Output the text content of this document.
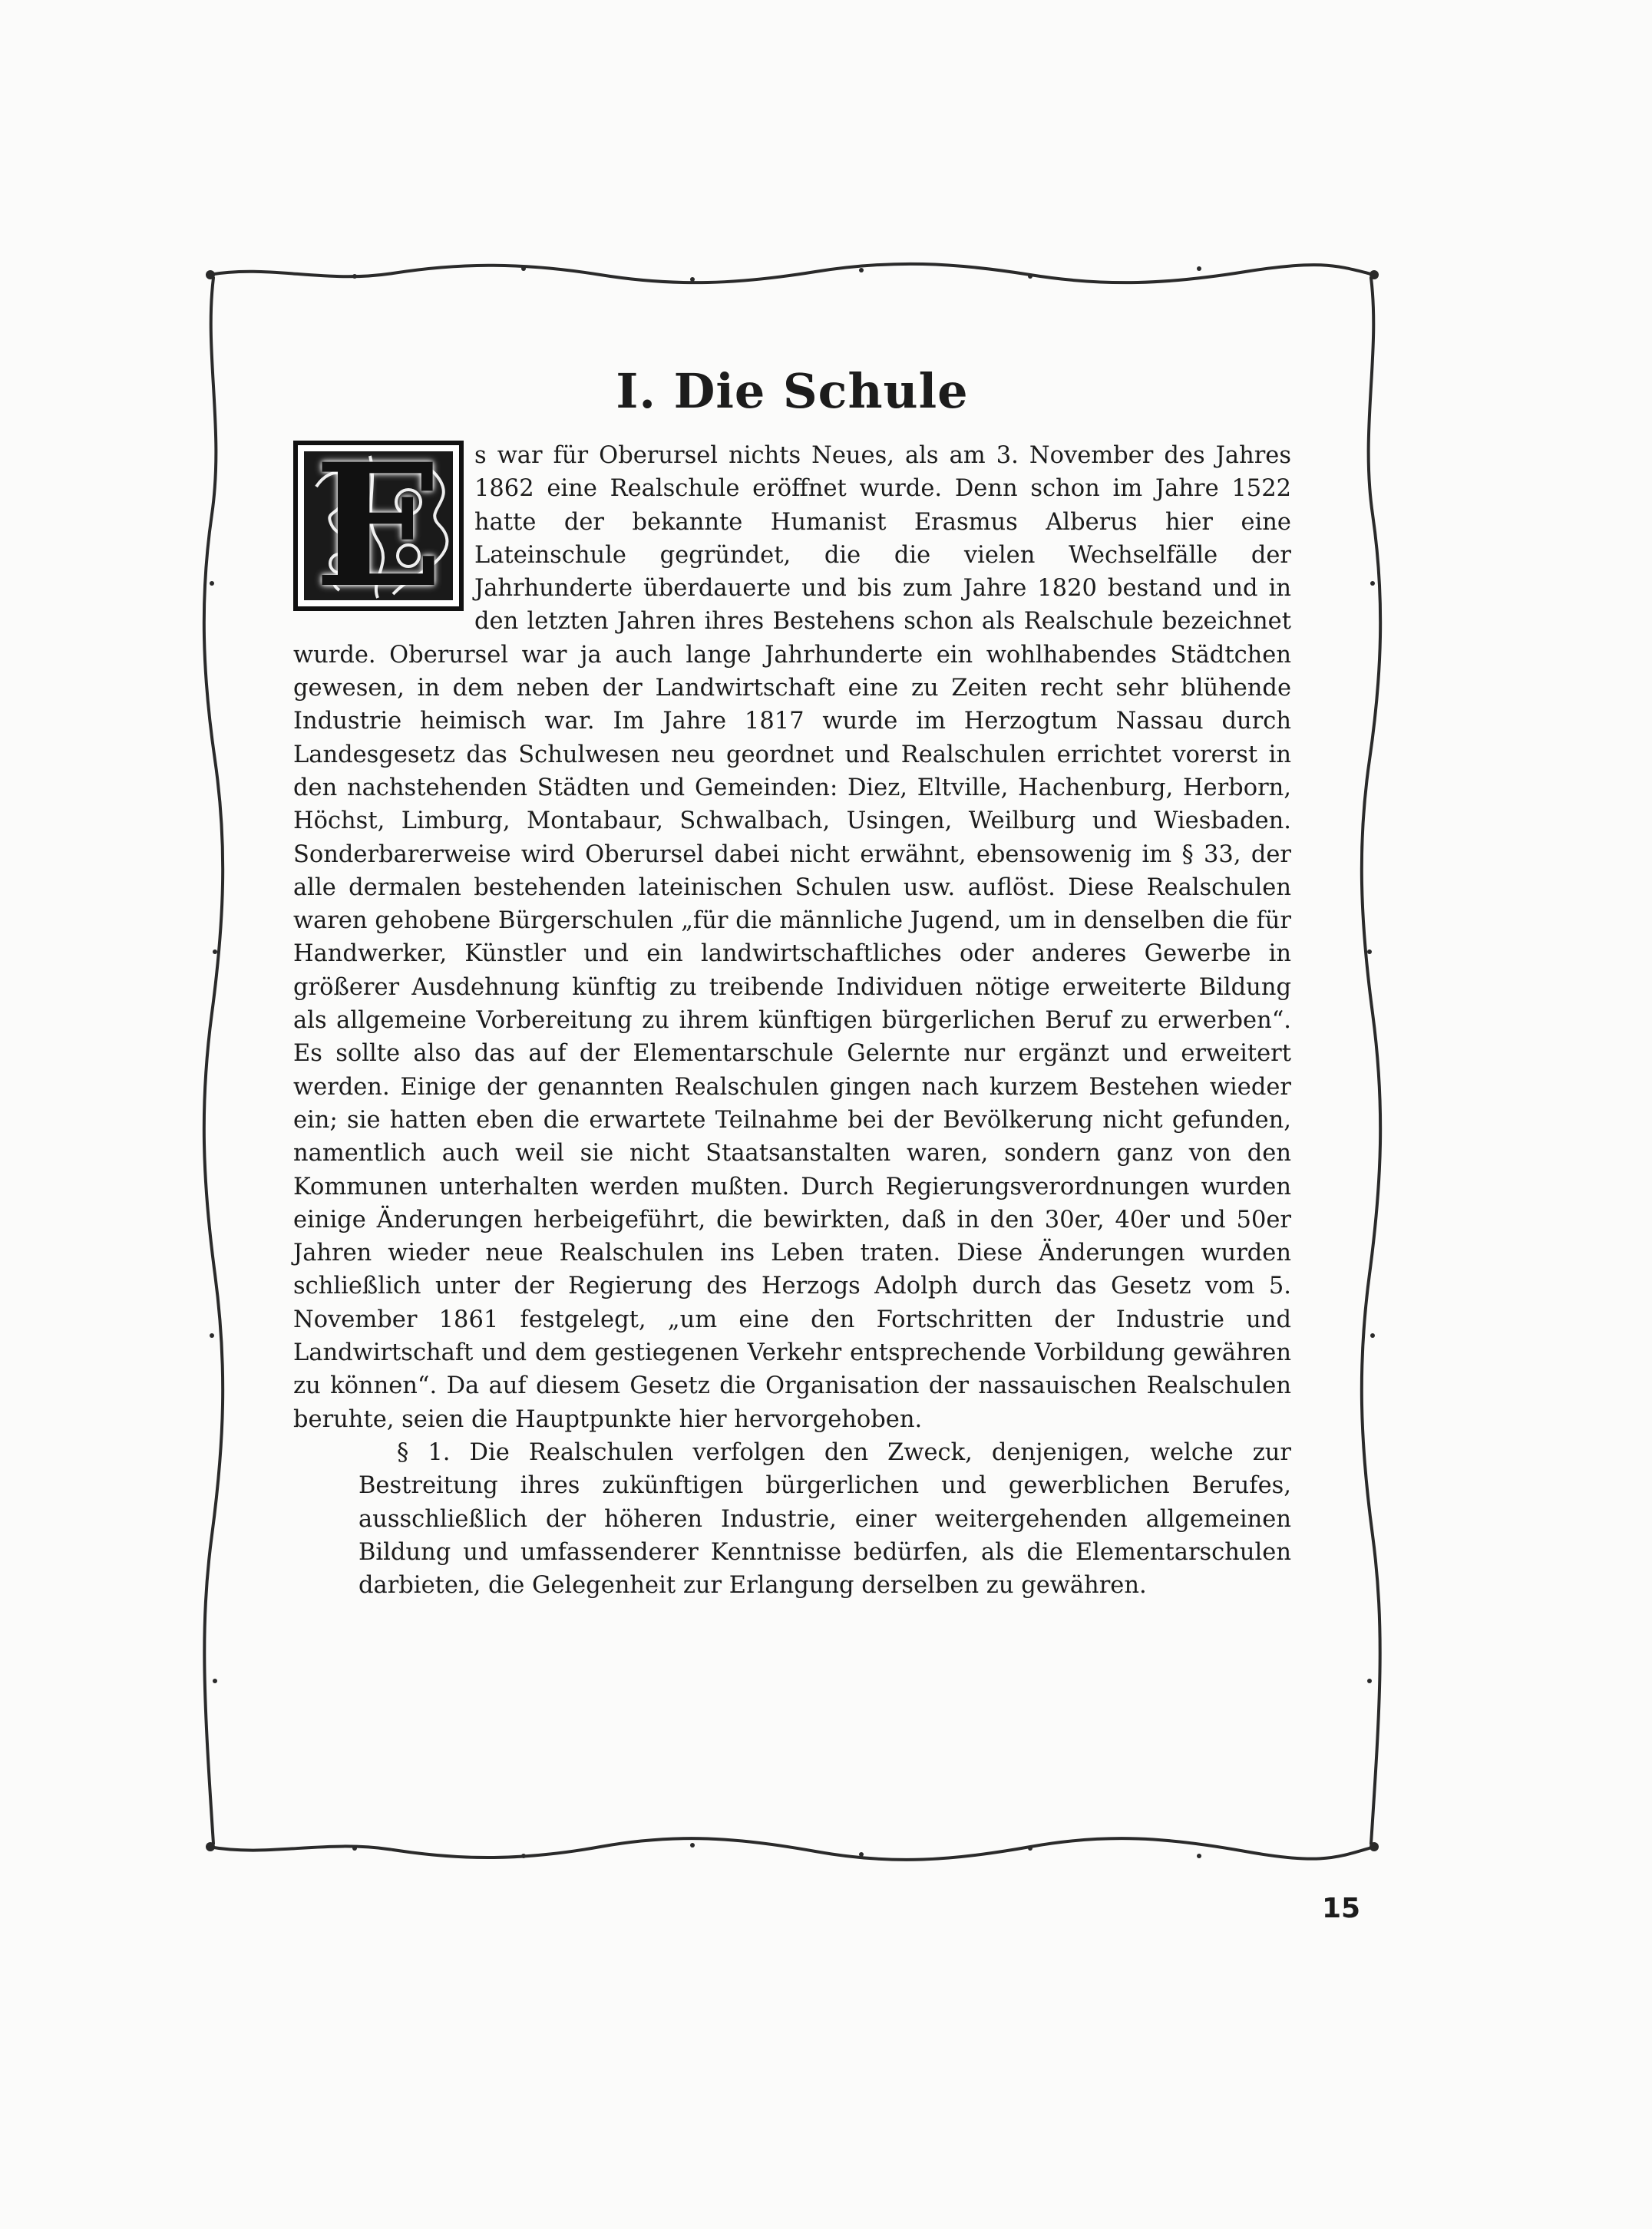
I. Die Schule
E	s war für Oberursel nichts Neues, als am 3. November des Jahres 1862 eine Realschule eröffnet wurde. Denn schon im Jahre 1522 hatte der bekannte Humanist Erasmus Alberus hier eine Lateinschule gegründet, die die vielen Wechselfälle der Jahrhunderte überdauerte und bis zum Jahre 1820 bestand und in den letzten Jahren ihres Bestehens schon als Realschule bezeichnet wurde. Oberursel war ja auch lange Jahrhunderte ein wohlhabendes Städtchen gewesen, in dem neben der Landwirtschaft eine zu Zeiten recht sehr blühende Industrie heimisch war. Im Jahre 1817 wurde im Herzogtum Nassau durch Landesgesetz das Schulwesen neu geordnet und Realschulen errichtet vorerst in den nachstehenden Städten und Gemeinden: Diez, Eltville, Hachenburg, Herborn, Höchst, Limburg, Montabaur, Schwalbach, Usingen, Weilburg und Wiesbaden. Sonderbarerweise wird Oberursel dabei nicht erwähnt, ebensowenig im § 33, der alle dermalen bestehenden lateinischen Schulen usw. auflöst. Diese Realschulen waren gehobene Bürgerschulen „für die männliche Jugend, um in denselben die für Handwerker, Künstler und ein landwirtschaftliches oder anderes Gewerbe in größerer Ausdehnung künftig zu treibende Individuen nötige erweiterte Bildung als allgemeine Vorbereitung zu ihrem künftigen bürgerlichen Beruf zu erwerben“. Es sollte also das auf der Elementarschule Gelernte nur ergänzt und erweitert werden. Einige der genannten Realschulen gingen nach kurzem Bestehen wieder ein; sie hatten eben die erwartete Teilnahme bei der Bevölkerung nicht gefunden, namentlich auch weil sie nicht Staatsanstalten waren, sondern ganz von den Kommunen unterhalten werden mußten. Durch Regierungsverordnungen wurden einige Änderungen herbeigeführt, die bewirkten, daß in den 30er, 40er und 50er Jahren wieder neue Realschulen ins Leben traten. Diese Änderungen wurden schließlich unter der Regierung des Herzogs Adolph durch das Gesetz vom 5. November 1861 festgelegt, „um eine den Fortschritten der Industrie und Landwirtschaft und dem gestiegenen Verkehr entsprechende Vorbildung gewähren zu können“. Da auf diesem Gesetz die Organisation der nassauischen Realschulen beruhte, seien die Hauptpunkte hier hervorgehoben.

§ 1. Die Realschulen verfolgen den Zweck, denjenigen, welche zur Bestreitung ihres zukünftigen bürgerlichen und gewerblichen Berufes, ausschließlich der höheren Industrie, einer weitergehenden allgemeinen Bildung und umfassenderer Kenntnisse bedürfen, als die Elementarschulen darbieten, die Gelegenheit zur Erlangung derselben zu gewähren.

15
